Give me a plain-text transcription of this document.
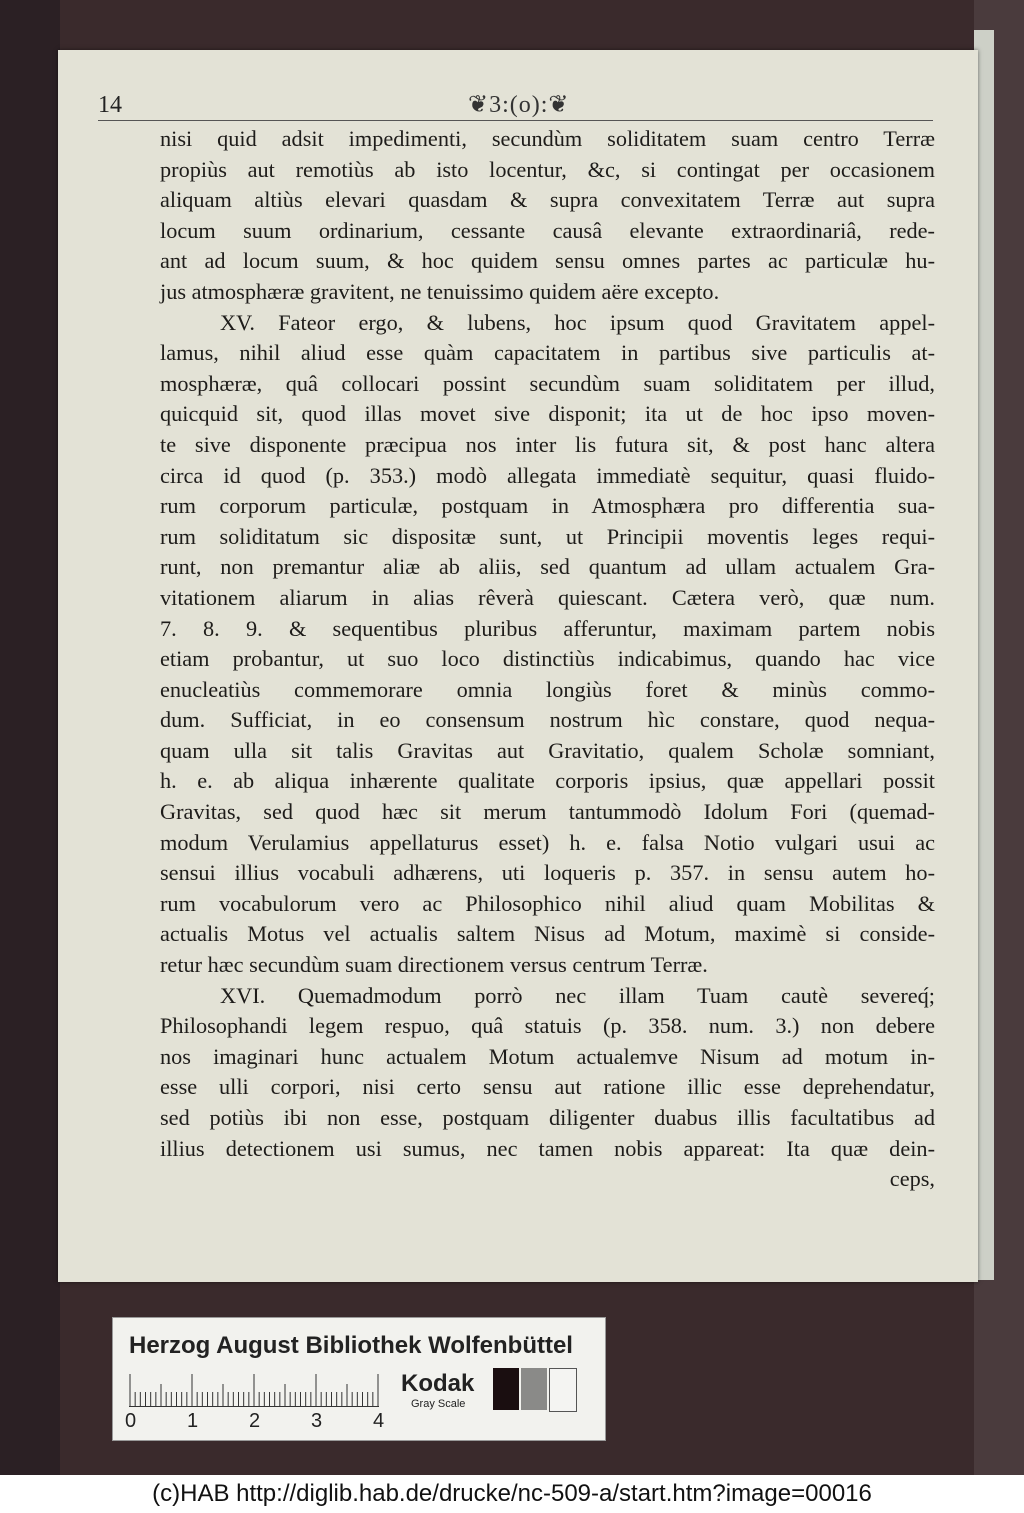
14	❦3:(o):❦
nisi quid adsit impedimenti, secundùm soliditatem suam centro Terræ
propiùs aut remotiùs ab isto locentur, &c, si contingat per occasionem
aliquam altiùs elevari quasdam & supra convexitatem Terræ aut supra
locum suum ordinarium, cessante causâ elevante extraordinariâ, rede-
ant ad locum suum, & hoc quidem sensu omnes partes ac particulæ hu-
jus atmosphæræ gravitent, ne tenuissimo quidem aëre excepto.
XV. Fateor ergo, & lubens, hoc ipsum quod Gravitatem appel-
lamus, nihil aliud esse quàm capacitatem in partibus sive particulis at-
mosphæræ, quâ collocari possint secundùm suam soliditatem per illud,
quicquid sit, quod illas movet sive disponit; ita ut de hoc ipso moven-
te sive disponente præcipua nos inter lis futura sit, & post hanc altera
circa id quod (p. 353.) modò allegata immediatè sequitur, quasi fluido-
rum corporum particulæ, postquam in Atmosphæra pro differentia sua-
rum soliditatum sic dispositæ sunt, ut Principii moventis leges requi-
runt, non premantur aliæ ab aliis, sed quantum ad ullam actualem Gra-
vitationem aliarum in alias rêverà quiescant. Cætera verò, quæ num.
7. 8. 9. & sequentibus pluribus afferuntur, maximam partem nobis
etiam probantur, ut suo loco distinctiùs indicabimus, quando hac vice
enucleatiùs commemorare omnia longiùs foret & minùs commo-
dum. Sufficiat, in eo consensum nostrum hìc constare, quod nequa-
quam ulla sit talis Gravitas aut Gravitatio, qualem Scholæ somniant,
h. e. ab aliqua inhærente qualitate corporis ipsius, quæ appellari possit
Gravitas, sed quod hæc sit merum tantummodò Idolum Fori (quemad-
modum Verulamius appellaturus esset) h. e. falsa Notio vulgari usui ac
sensui illius vocabuli adhærens, uti loqueris p. 357. in sensu autem ho-
rum vocabulorum vero ac Philosophico nihil aliud quam Mobilitas &
actualis Motus vel actualis saltem Nisus ad Motum, maximè si conside-
retur hæc secundùm suam directionem versus centrum Terræ.
XVI. Quemadmodum porrò nec illam Tuam cautè severeq́;
Philosophandi legem respuo, quâ statuis (p. 358. num. 3.) non debere
nos imaginari hunc actualem Motum actualemve Nisum ad motum in-
esse ulli corpori, nisi certo sensu aut ratione illic esse deprehendatur,
sed potiùs ibi non esse, postquam diligenter duabus illis facultatibus ad
illius detectionem usi sumus, nec tamen nobis appareat: Ita quæ dein-
ceps,
Herzog August Bibliothek Wolfenbüttel
0	1	2	3	4
Kodak
Gray Scale
(c)HAB http://diglib.hab.de/drucke/nc-509-a/start.htm?image=00016
